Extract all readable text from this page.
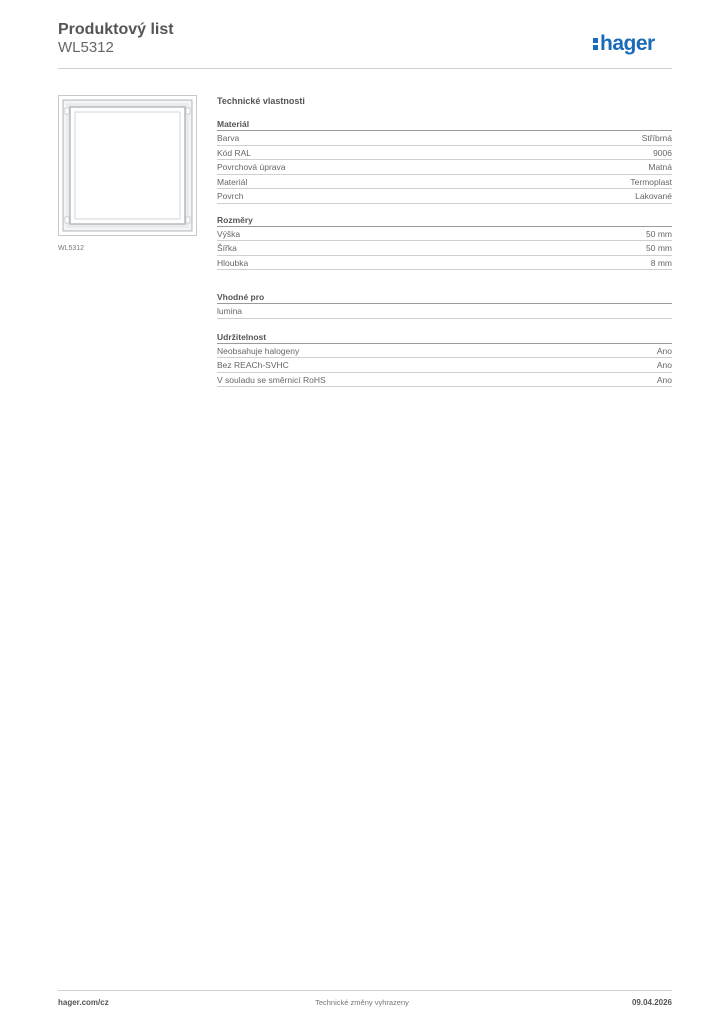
Produktový list
WL5312	hager
WL5312
Technické vlastnosti
Materiál
Barva	Stříbrná
Kód RAL	9006
Povrchová úprava	Matná
Materiál	Termoplast
Povrch	Lakované
Rozměry
Výška	50 mm
Šířka	50 mm
Hloubka	8 mm
Vhodné pro
lumina
Udržitelnost
Neobsahuje halogeny	Ano
Bez REACh-SVHC	Ano
V souladu se směrnicí RoHS	Ano
hager.com/cz	Technické změny vyhrazeny	09.04.2026
